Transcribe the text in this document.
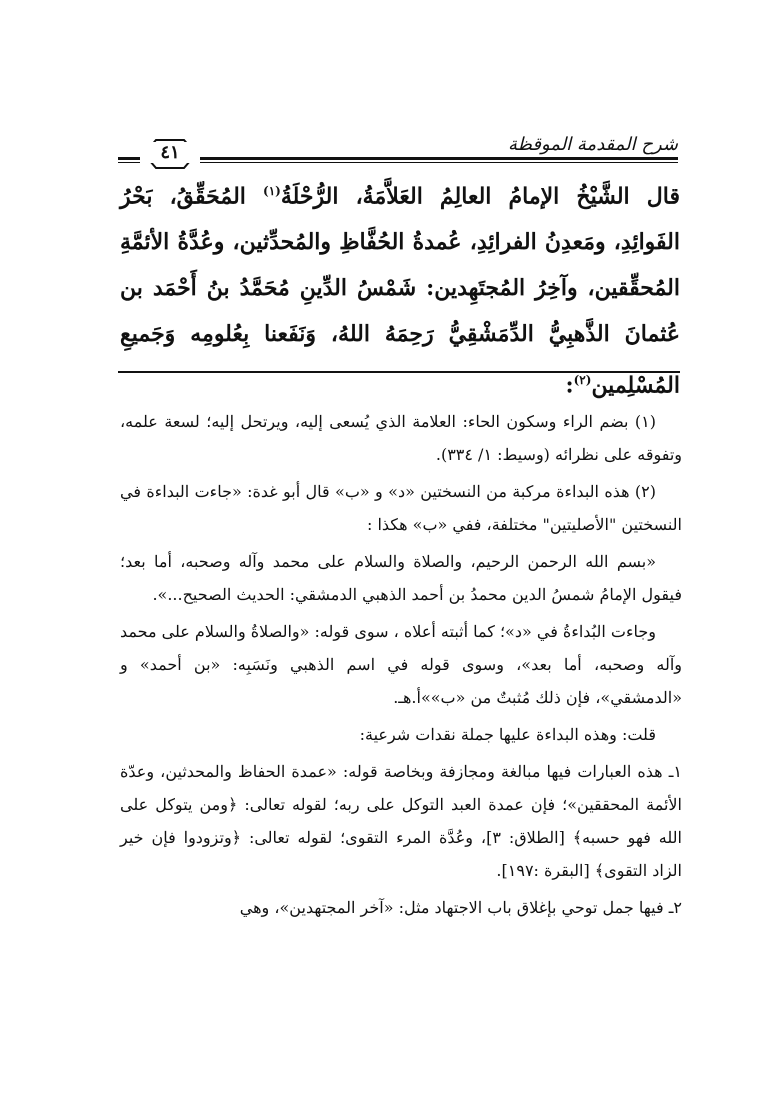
٤١	شرح المقدمة الموقظة
قال الشَّيْخُ الإمامُ العالِمُ العَلاَّمَةُ، الرُّحْلَةُ$^{(١)}$ المُحَقِّقُ، بَحْرُ الفَوائِدِ، ومَعدِنُ الفرائِدِ، عُمدةُ الحُفَّاظِ والمُحدِّثين، وعُدَّةُ الأئمَّةِ المُحقِّقين، وآخِرُ المُجتَهِدين: شَمْسُ الدِّينِ مُحَمَّدُ بنُ أَحْمَد بن عُثمانَ الذَّهبِيُّ الدِّمَشْقِيُّ رَحِمَهُ اللهُ، وَنَفَعنا بِعُلومِه وَجَميعِ المُسْلِمين$^{(٢)}$:

(١) بضم الراء وسكون الحاء: العلامة الذي يُسعى إليه، ويرتحل إليه؛ لسعة علمه، وتفوقه على نظرائه (وسيط: ١/ ٣٣٤).

(٢) هذه البداءة مركبة من النسختين «د» و «ب» قال أبو غدة: «جاءت البداءة في النسختين "الأصليتين" مختلفة، ففي «ب» هكذا :

«بسم الله الرحمن الرحيم، والصلاة والسلام على محمد وآله وصحبه، أما بعد؛ فيقول الإمامُ شمسُ الدين محمدُ بن أحمد الذهبي الدمشقي: الحديث الصحيح...».

وجاءت البُداءةُ في «د»؛ كما أثبته أعلاه ، سوى قوله: «والصلاةُ والسلام على محمد وآله وصحبه، أما بعد»، وسوى قوله في اسم الذهبي ونَسَبِه: «بن أحمد» و «الدمشقي»، فإن ذلك مُثبتٌ من «ب»»أ.هـ.

قلت: وهذه البداءة عليها جملة نقدات شرعية:

١ـ هذه العبارات فيها مبالغة ومجازفة وبخاصة قوله: «عمدة الحفاظ والمحدثين، وعدّة الأئمة المحققين»؛ فإن عمدة العبد التوكل على ربه؛ لقوله تعالى: ﴿ومن يتوكل على الله فهو حسبه﴾ [الطلاق: ٣]، وعُدَّة المرء التقوى؛ لقوله تعالى: ﴿وتزودوا فإن خير الزاد التقوى﴾ [البقرة :١٩٧].

٢ـ فيها جمل توحي بإغلاق باب الاجتهاد مثل: «آخر المجتهدين»، وهي
